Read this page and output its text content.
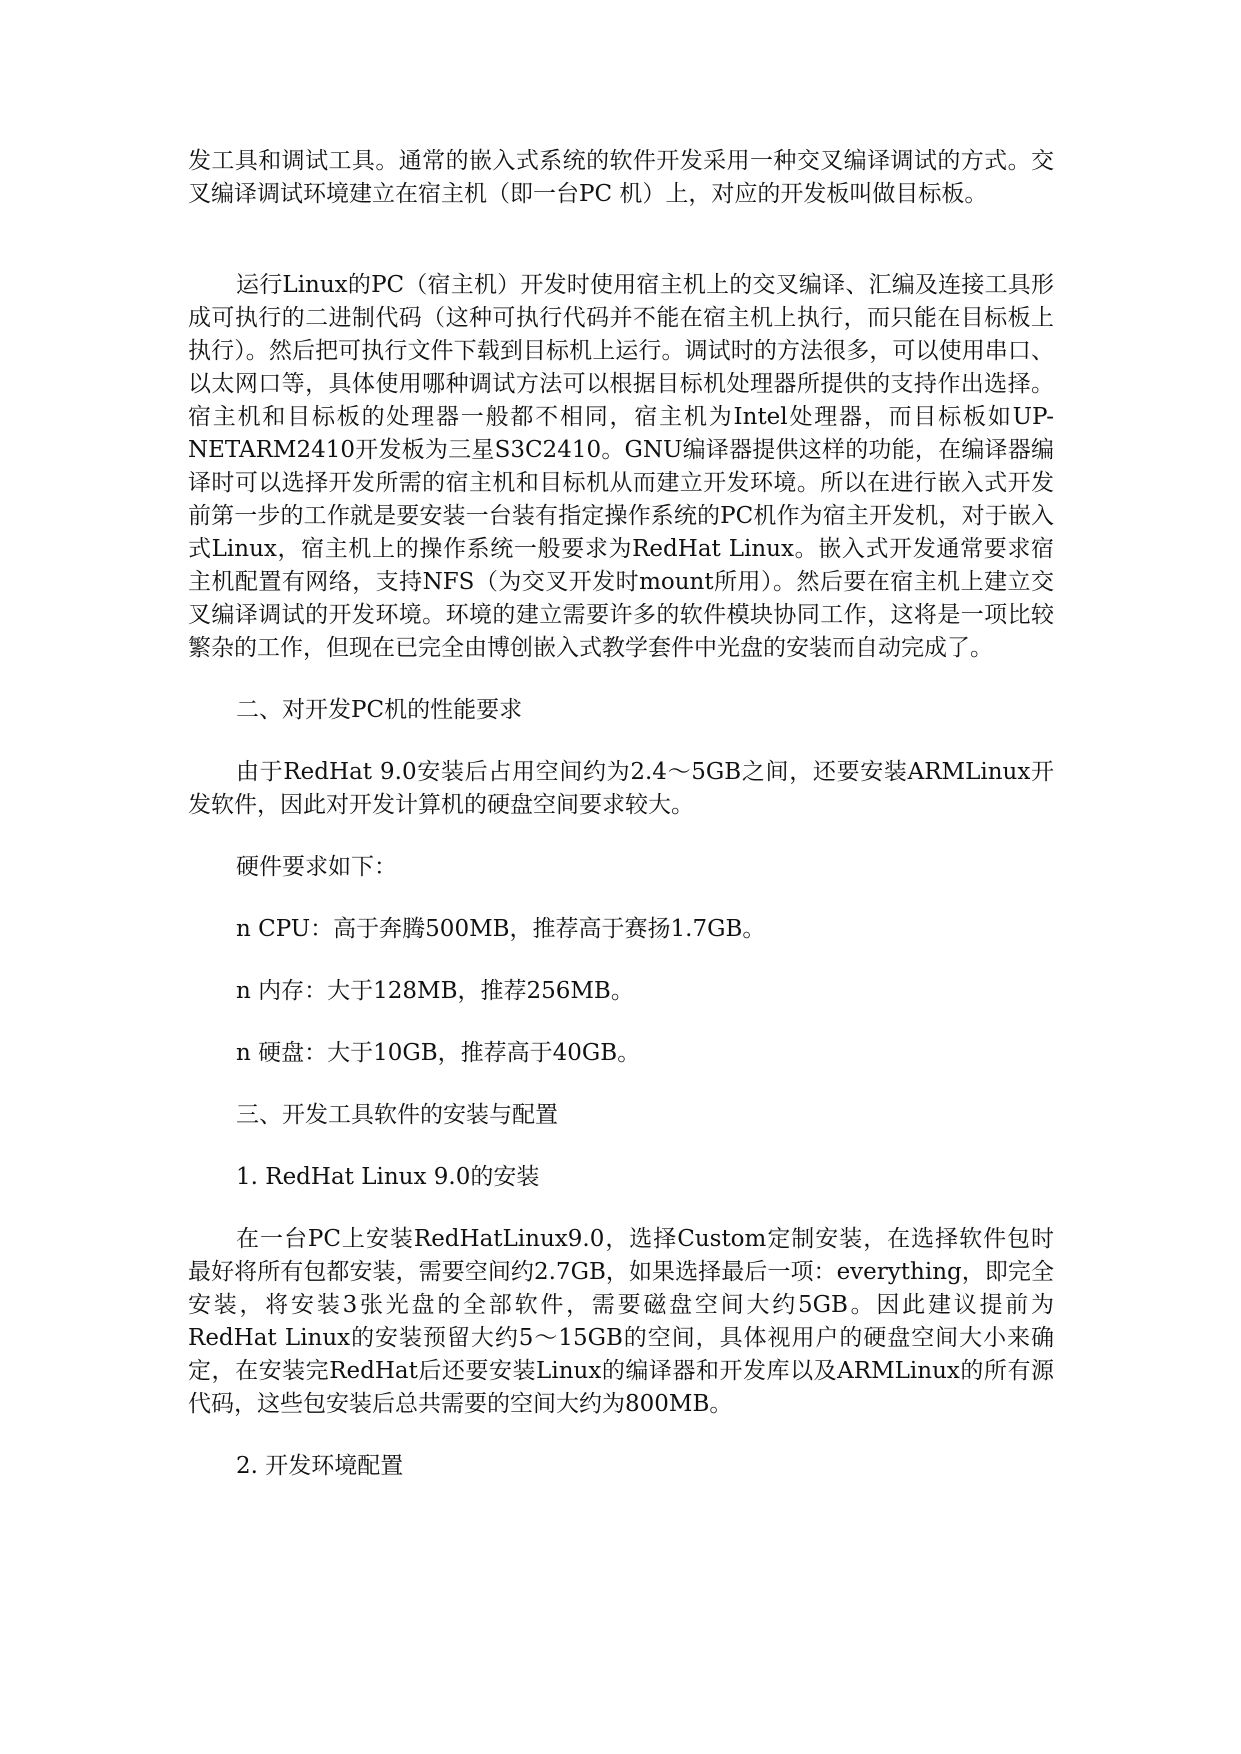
发工具和调试工具。通常的嵌入式系统的软件开发采用一种交叉编译调试的方式。交叉编译调试环境建立在宿主机（即一台PC 机）上，对应的开发板叫做目标板。

运行Linux的PC（宿主机）开发时使用宿主机上的交叉编译、汇编及连接工具形成可执行的二进制代码（这种可执行代码并不能在宿主机上执行，而只能在目标板上执行）。然后把可执行文件下载到目标机上运行。调试时的方法很多，可以使用串口、以太网口等，具体使用哪种调试方法可以根据目标机处理器所提供的支持作出选择。宿主机和目标板的处理器一般都不相同，宿主机为Intel处理器，而目标板如UP-NETARM2410开发板为三星S3C2410。GNU编译器提供这样的功能，在编译器编译时可以选择开发所需的宿主机和目标机从而建立开发环境。所以在进行嵌入式开发前第一步的工作就是要安装一台装有指定操作系统的PC机作为宿主开发机，对于嵌入式Linux，宿主机上的操作系统一般要求为RedHat Linux。嵌入式开发通常要求宿主机配置有网络，支持NFS（为交叉开发时mount所用）。然后要在宿主机上建立交叉编译调试的开发环境。环境的建立需要许多的软件模块协同工作，这将是一项比较繁杂的工作，但现在已完全由博创嵌入式教学套件中光盘的安装而自动完成了。

二、对开发PC机的性能要求

由于RedHat 9.0安装后占用空间约为2.4～5GB之间，还要安装ARMLinux开发软件，因此对开发计算机的硬盘空间要求较大。

硬件要求如下：
n CPU：高于奔腾500MB，推荐高于赛扬1.7GB。
n 内存：大于128MB，推荐256MB。
n 硬盘：大于10GB，推荐高于40GB。
三、开发工具软件的安装与配置
1. RedHat Linux 9.0的安装

在一台PC上安装RedHatLinux9.0，选择Custom定制安装，在选择软件包时最好将所有包都安装，需要空间约2.7GB，如果选择最后一项：everything，即完全安装，将安装3张光盘的全部软件，需要磁盘空间大约5GB。因此建议提前为RedHat Linux的安装预留大约5～15GB的空间，具体视用户的硬盘空间大小来确定，在安装完RedHat后还要安装Linux的编译器和开发库以及ARMLinux的所有源代码，这些包安装后总共需要的空间大约为800MB。

2. 开发环境配置
